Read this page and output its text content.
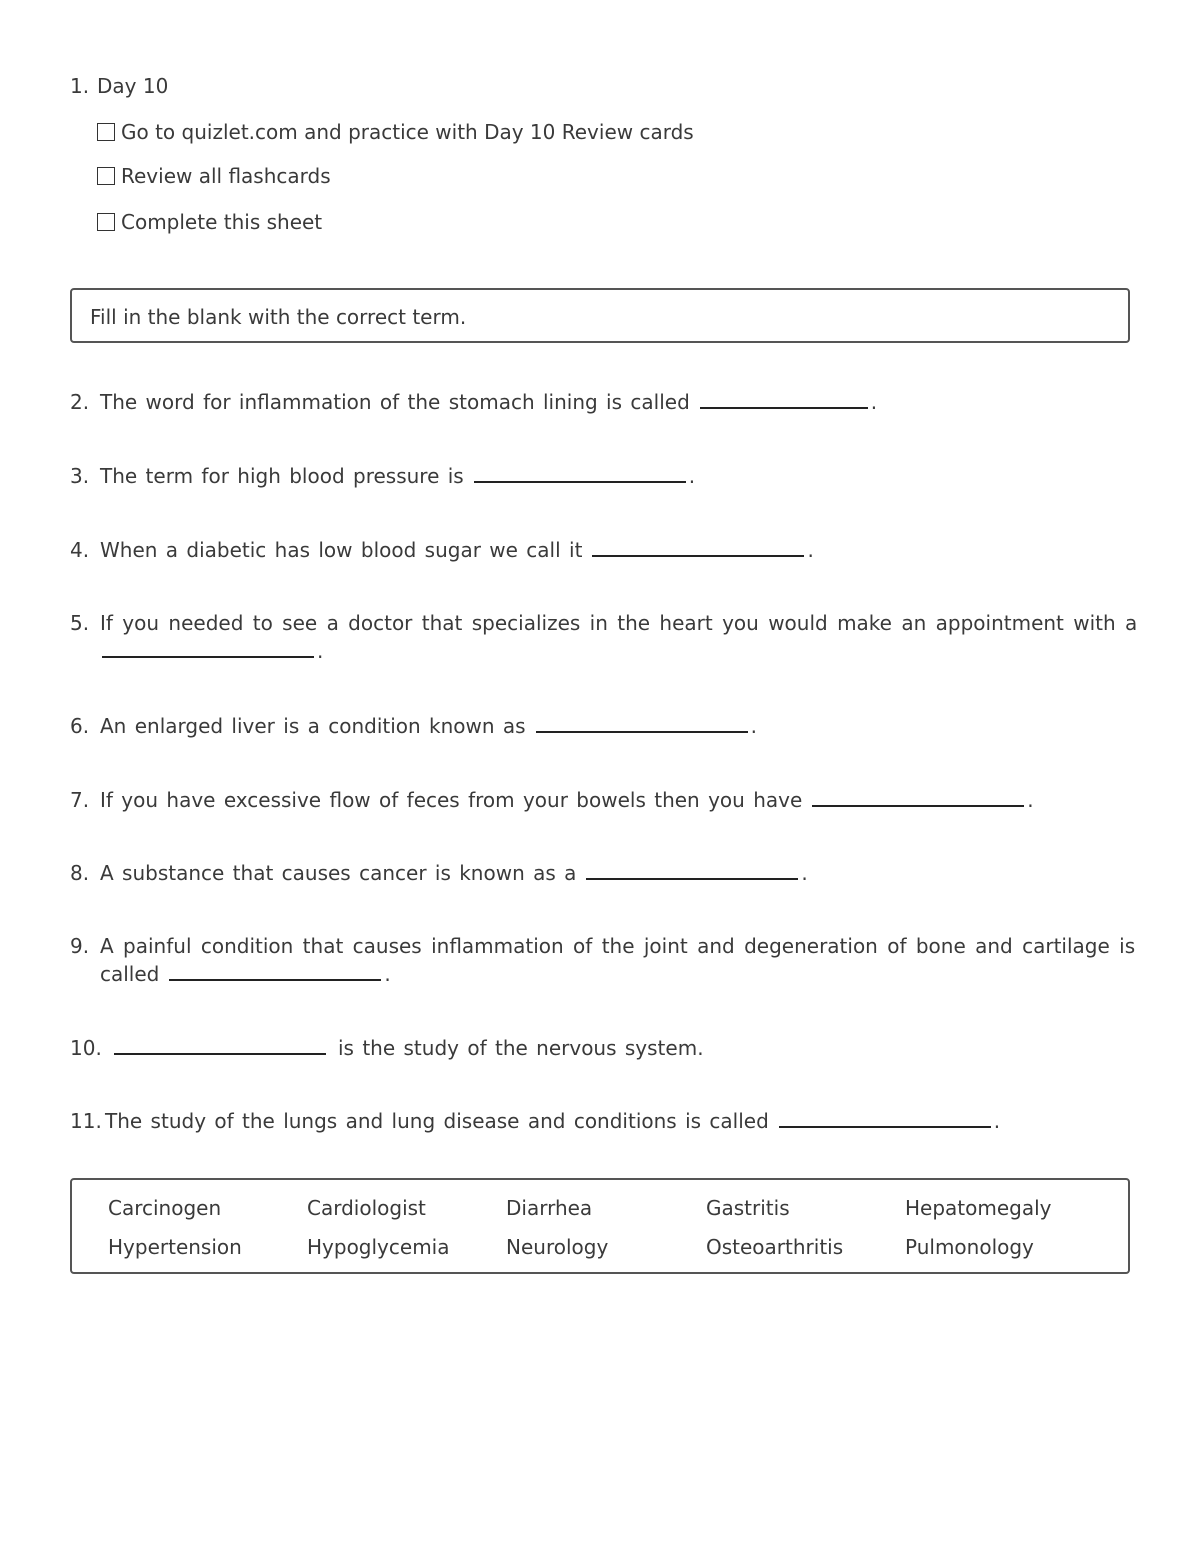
1. Day 10
Go to quizlet.com and practice with Day 10 Review cards
Review all flashcards
Complete this sheet
Fill in the blank with the correct term.
2. The word for inflammation of the stomach lining is called	.
3. The term for high blood pressure is	.
4. When a diabetic has low blood sugar we call it	.
5. If you needed to see a doctor that specializes in the heart you would make an appointment with a
.
6. An enlarged liver is a condition known as	.
7. If you have excessive flow of feces from your bowels then you have	.
8. A substance that causes cancer is known as a	.
9. A painful condition that causes inflammation of the joint and degeneration of bone and cartilage is
called	.
10.	is the study of the nervous system.
11. The study of the lungs and lung disease and conditions is called	.
Carcinogen	Cardiologist	Diarrhea	Gastritis	Hepatomegaly
Hypertension	Hypoglycemia	Neurology	Osteoarthritis	Pulmonology
